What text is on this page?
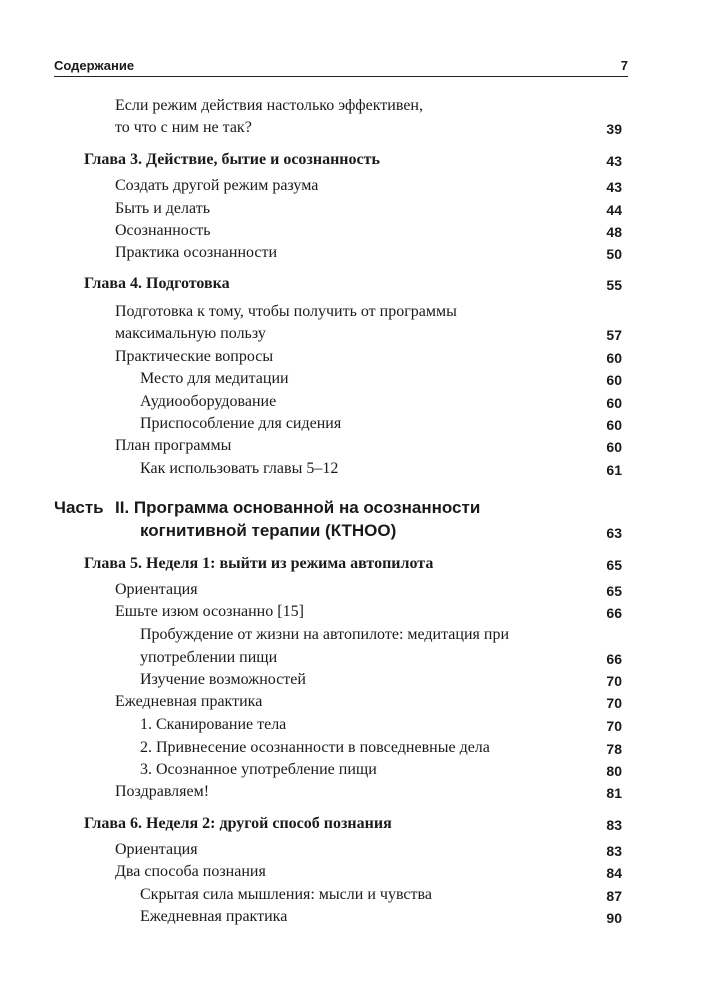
Содержание	7
Если режим действия настолько эффективен,
то что с ним не так?	39
Глава 3. Действие, бытие и осознанность	43
Создать другой режим разума	43
Быть и делать	44
Осознанность	48
Практика осознанности	50
Глава 4. Подготовка	55
Подготовка к тому, чтобы получить от программы
максимальную пользу	57
Практические вопросы	60
Место для медитации	60
Аудиооборудование	60
Приспособление для сидения	60
План программы	60
Как использовать главы 5–12	61
Часть II. Программа основанной на осознанности
когнитивной терапии (КТНОО)	63
Глава 5. Неделя 1: выйти из режима автопилота	65
Ориентация	65
Ешьте изюм осознанно [15]	66
Пробуждение от жизни на автопилоте: медитация при
употреблении пищи	66
Изучение возможностей	70
Ежедневная практика	70
1. Сканирование тела	70
2. Привнесение осознанности в повседневные дела	78
3. Осознанное употребление пищи	80
Поздравляем!	81
Глава 6. Неделя 2: другой способ познания	83
Ориентация	83
Два способа познания	84
Скрытая сила мышления: мысли и чувства	87
Ежедневная практика	90
